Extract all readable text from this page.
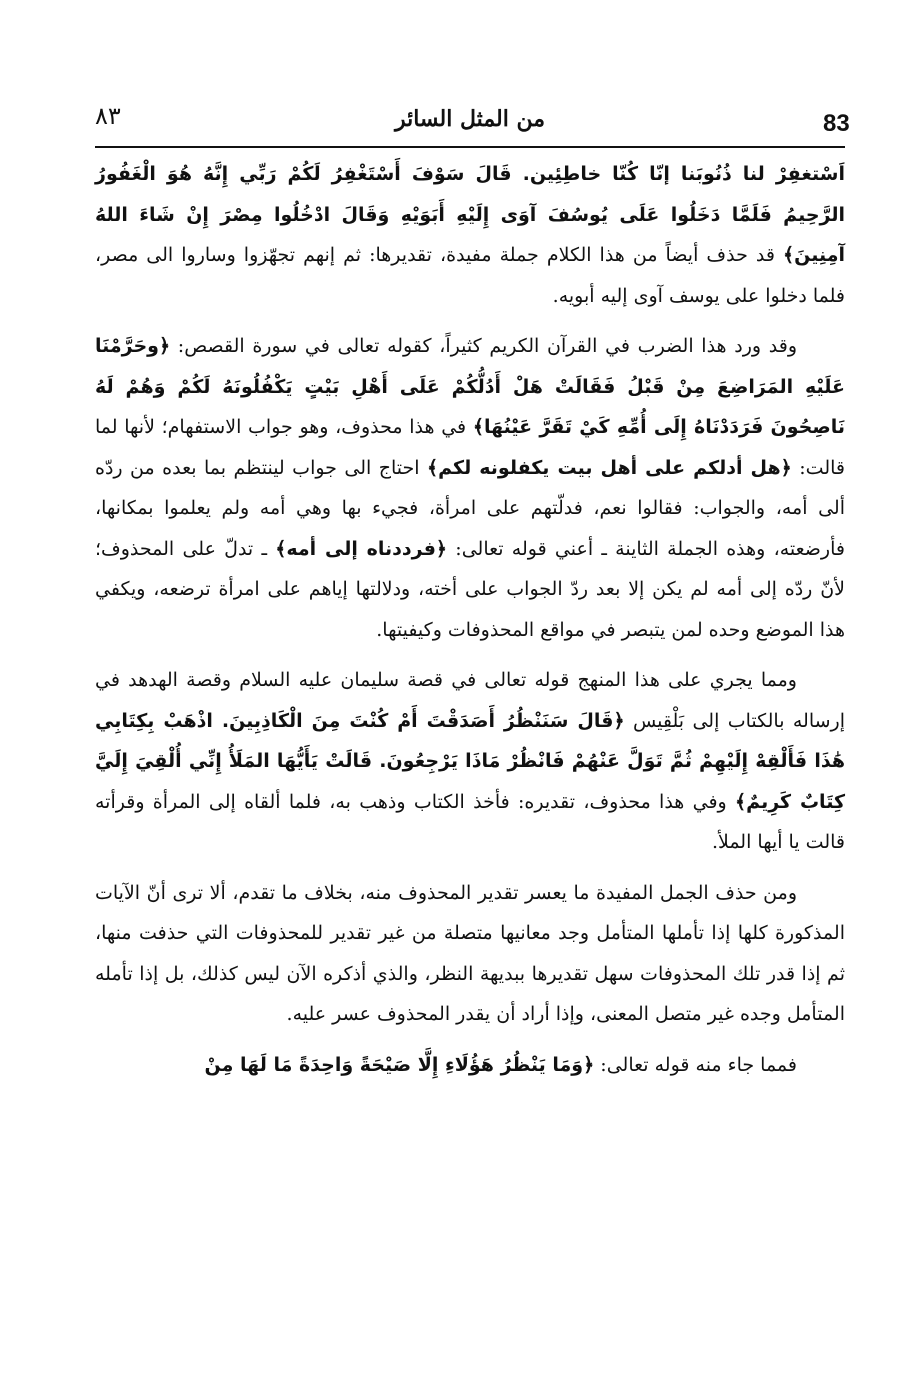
83
من المثل السائر
٨٣

اَسْتغفِرْ لنا ذُنُوبَنا إنّا كُنّا خاطِئِين. قَالَ سَوْفَ أَسْتَغْفِرُ لَكُمْ رَبِّي إِنَّهُ هُوَ الْغَفُورُ الرَّحِيمُ فَلَمَّا دَخَلُوا عَلَى يُوسُفَ آوَى إِلَيْهِ أَبَوَيْهِ وَقَالَ ادْخُلُوا مِصْرَ إِنْ شَاءَ اللهُ آمِنِينَ﴾ قد حذف أيضاً من هذا الكلام جملة مفيدة، تقديرها: ثم إنهم تجهّزوا وساروا الى مصر، فلما دخلوا على يوسف آوى إليه أبويه.

وقد ورد هذا الضرب في القرآن الكريم كثيراً، كقوله تعالى في سورة القصص: ﴿وحَرَّمْنَا عَلَيْهِ المَرَاضِعَ مِنْ قَبْلُ فَقَالَتْ هَلْ أَدُلُّكُمْ عَلَى أَهْلِ بَيْتٍ يَكْفُلُونَهُ لَكُمْ وَهُمْ لَهُ نَاصِحُونَ فَرَدَدْنَاهُ إِلَى أُمِّهِ كَيْ تَقَرَّ عَيْنُهَا﴾ في هذا محذوف، وهو جواب الاستفهام؛ لأنها لما قالت: ﴿هل أدلكم على أهل بيت يكفلونه لكم﴾ احتاج الى جواب لينتظم بما بعده من ردّه ألى أمه، والجواب: فقالوا نعم، فدلّتهم على امرأة، فجيء بها وهي أمه ولم يعلموا بمكانها، فأرضعته، وهذه الجملة الثاينة ـ أعني قوله تعالى: ﴿فرددناه إلى أمه﴾ ـ تدلّ على المحذوف؛ لأنّ ردّه إلى أمه لم يكن إلا بعد ردّ الجواب على أخته، ودلالتها إياهم على امرأة ترضعه، ويكفي هذا الموضع وحده لمن يتبصر في مواقع المحذوفات وكيفيتها.

ومما يجري على هذا المنهج قوله تعالى في قصة سليمان عليه السلام وقصة الهدهد في إرساله بالكتاب إلى بَلْقِيس ﴿قَالَ سَنَنْظُرُ أَصَدَقْتَ أَمْ كُنْتَ مِنَ الْكَاذِبِينَ. اذْهَبْ بِكِتَابِي هَٰذَا فَأَلْقِهْ إِلَيْهِمْ ثُمَّ تَوَلَّ عَنْهُمْ فَانْظُرْ مَاذَا يَرْجِعُونَ. قَالَتْ يَأَيُّهَا المَلَأُ إِنِّي أُلْقِيَ إِلَيَّ كِتَابٌ كَرِيمٌ﴾ وفي هذا محذوف، تقديره: فأخذ الكتاب وذهب به، فلما ألقاه إلى المرأة وقرأته قالت يا أيها الملأ.

ومن حذف الجمل المفيدة ما يعسر تقدير المحذوف منه، بخلاف ما تقدم، ألا ترى أنّ الآيات المذكورة كلها إذا تأملها المتأمل وجد معانيها متصلة من غير تقدير للمحذوفات التي حذفت منها، ثم إذا قدر تلك المحذوفات سهل تقديرها ببديهة النظر، والذي أذكره الآن ليس كذلك، بل إذا تأمله المتأمل وجده غير متصل المعنى، وإذا أراد أن يقدر المحذوف عسر عليه.

فمما جاء منه قوله تعالى: ﴿وَمَا يَنْظُرُ هَؤُلَاءِ إِلَّا صَيْحَةً وَاحِدَةً مَا لَهَا مِنْ
